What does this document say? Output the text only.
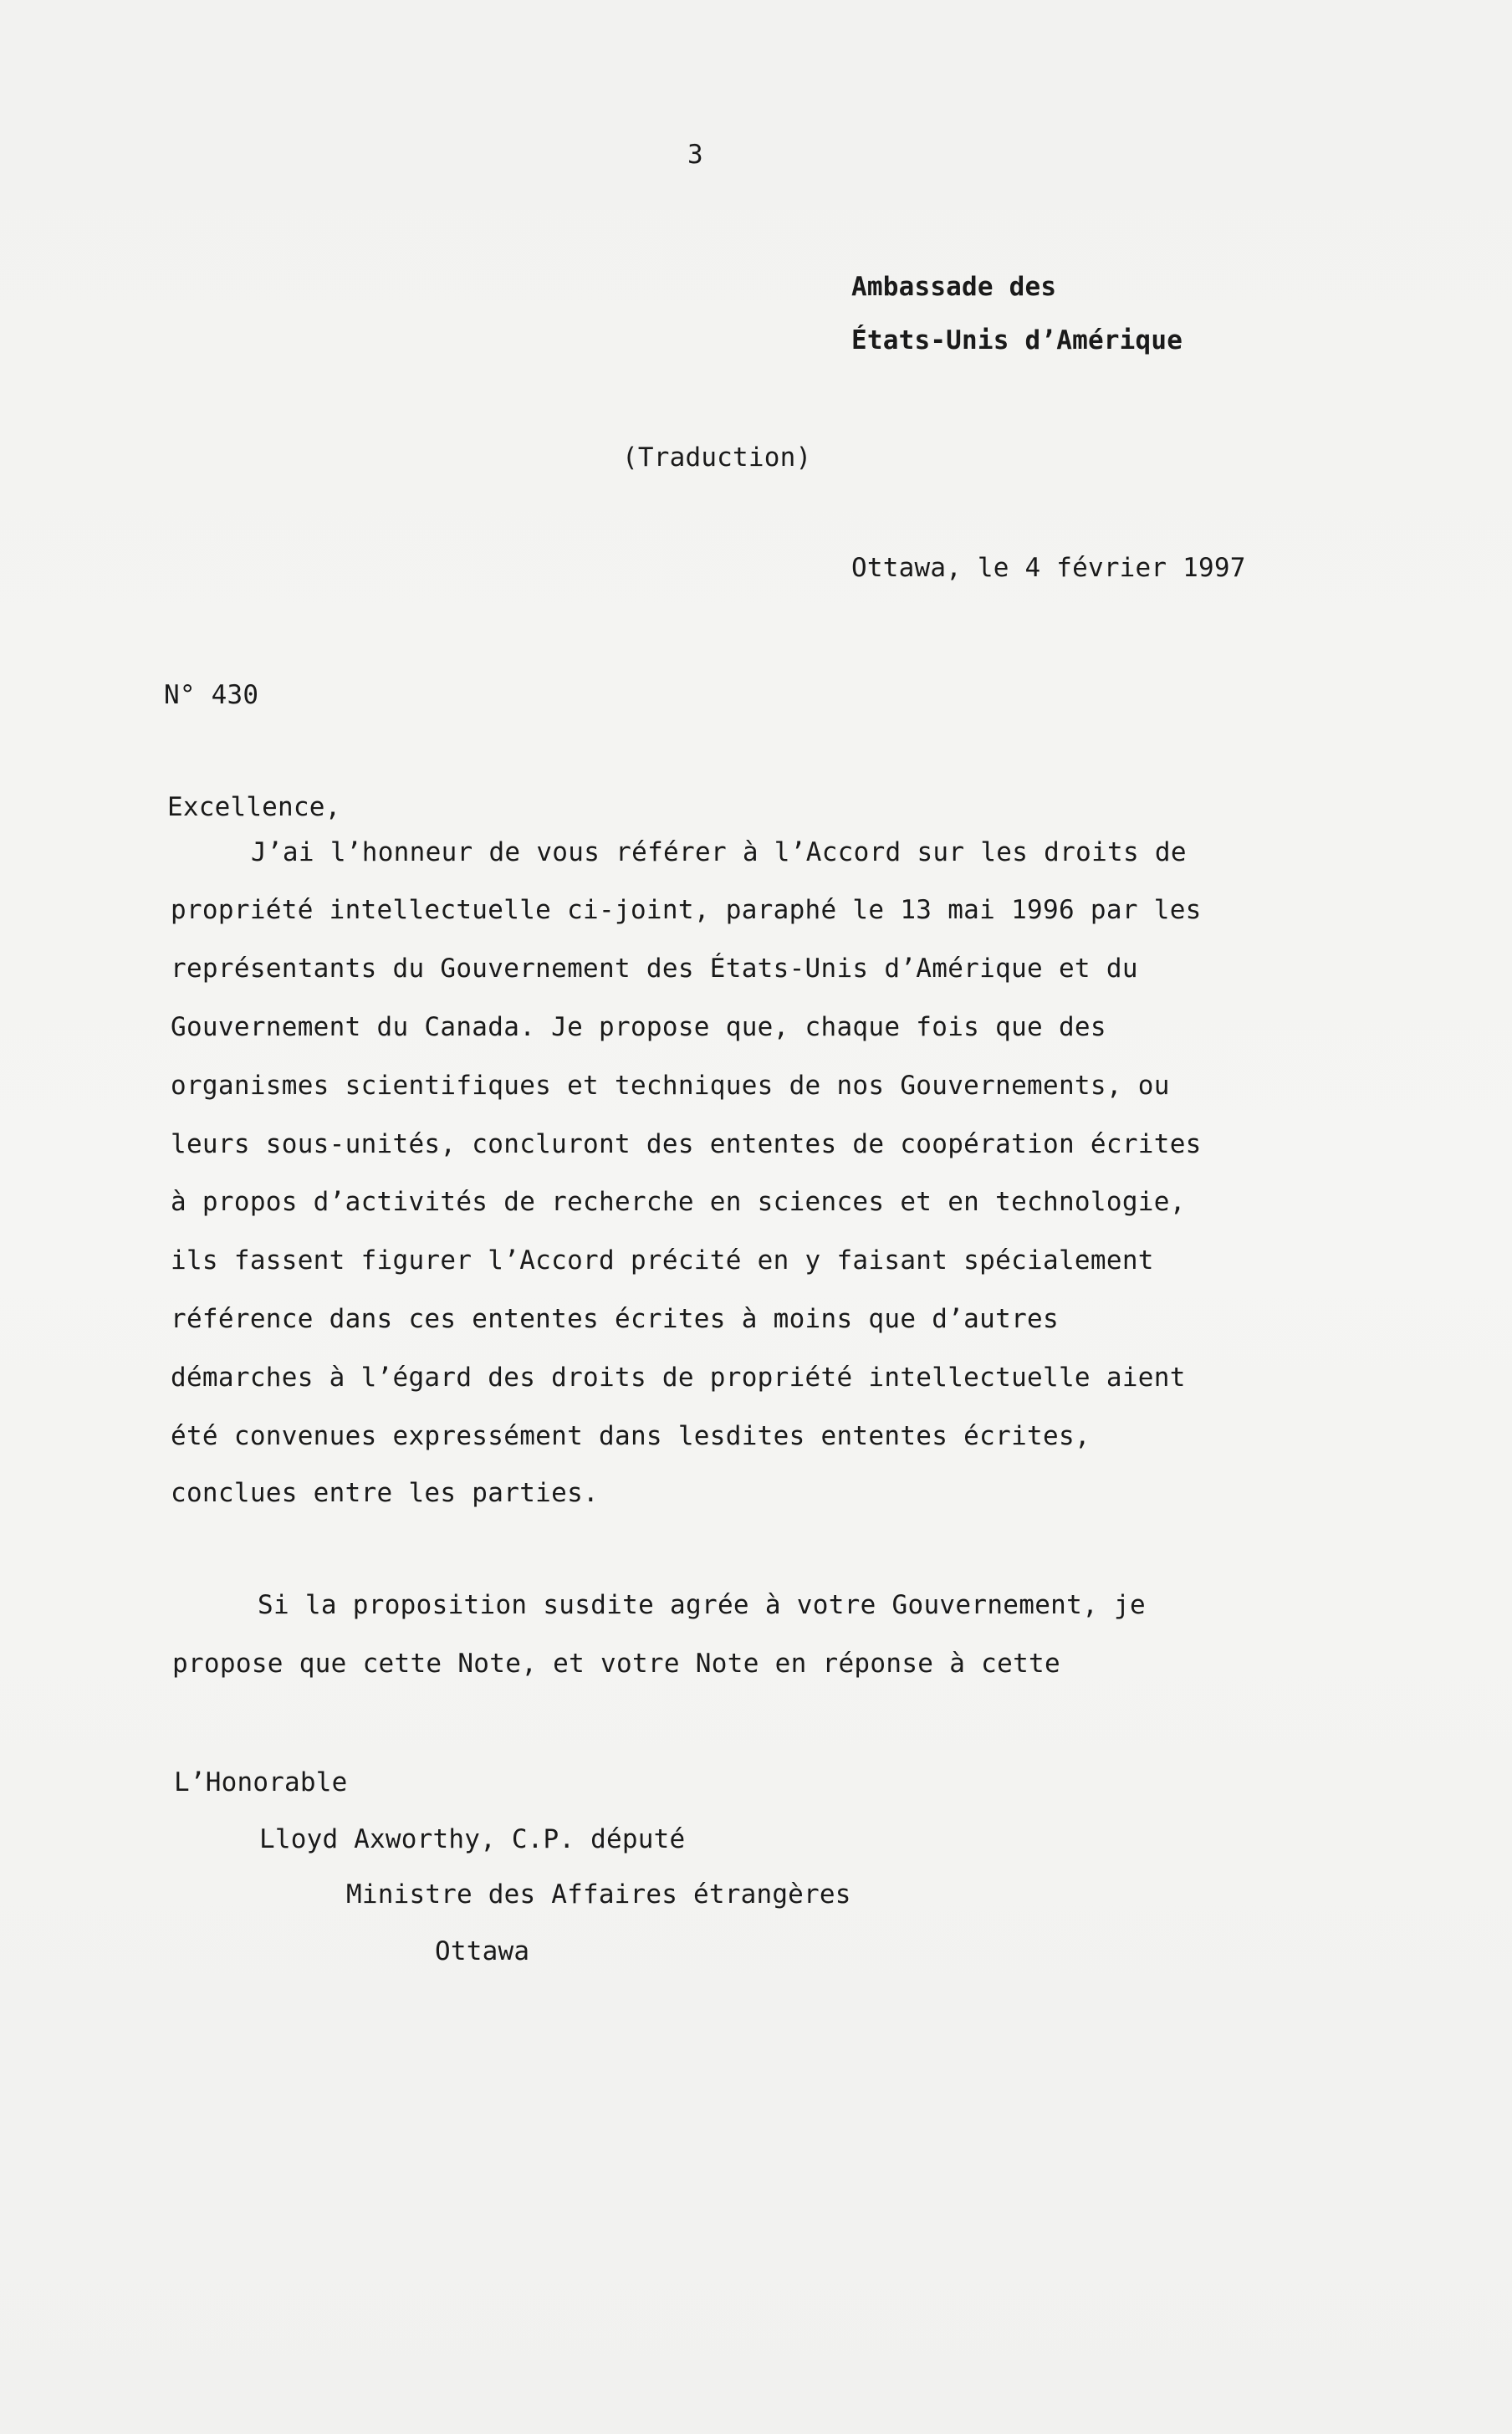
3
Ambassade des
États-Unis d’Amérique
(Traduction)
Ottawa, le 4 février 1997
N° 430
Excellence,
J’ai l’honneur de vous référer à l’Accord sur les droits de
propriété intellectuelle ci-joint, paraphé le 13 mai 1996 par les
représentants du Gouvernement des États-Unis d’Amérique et du
Gouvernement du Canada. Je propose que, chaque fois que des
organismes scientifiques et techniques de nos Gouvernements, ou
leurs sous-unités, concluront des ententes de coopération écrites
à propos d’activités de recherche en sciences et en technologie,
ils fassent figurer l’Accord précité en y faisant spécialement
référence dans ces ententes écrites à moins que d’autres
démarches à l’égard des droits de propriété intellectuelle aient
été convenues expressément dans lesdites ententes écrites,
conclues entre les parties.
Si la proposition susdite agrée à votre Gouvernement, je
propose que cette Note, et votre Note en réponse à cette
L’Honorable
Lloyd Axworthy, C.P. député
Ministre des Affaires étrangères
Ottawa
